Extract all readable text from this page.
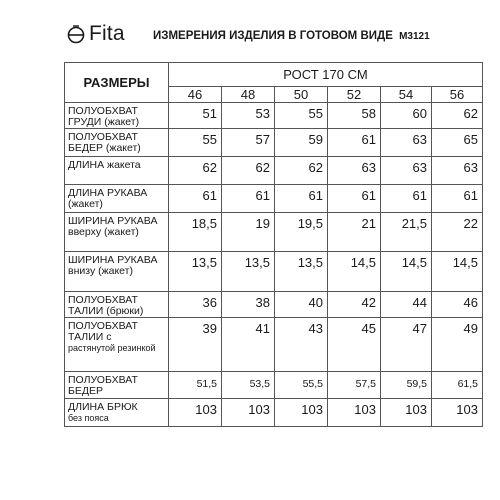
Fita ИЗМЕРЕНИЯ ИЗДЕЛИЯ В ГОТОВОМ ВИДЕ M3121
РАЗМЕРЫ	РОСТ 170 СМ					
	46	48	50	52	54	56
ПОЛУОБХВАТ ГРУДИ (жакет)	51	53	55	58	60	62
ПОЛУОБХВАТ БЕДЕР (жакет)	55	57	59	61	63	65
ДЛИНА жакета	62	62	62	63	63	63
ДЛИНА РУКАВА (жакет)	61	61	61	61	61	61
ШИРИНА РУКАВА вверху (жакет)	18,5	19	19,5	21	21,5	22
ШИРИНА РУКАВА внизу (жакет)	13,5	13,5	13,5	14,5	14,5	14,5
ПОЛУОБХВАТ ТАЛИИ (брюки)	36	38	40	42	44	46
ПОЛУОБХВАТ ТАЛИИ с
растянутой резинкой	39	41	43	45	47	49
ПОЛУОБХВАТ БЕДЕР	51,5	53,5	55,5	57,5	59,5	61,5
ДЛИНА БРЮК
без пояса	103	103	103	103	103	103
